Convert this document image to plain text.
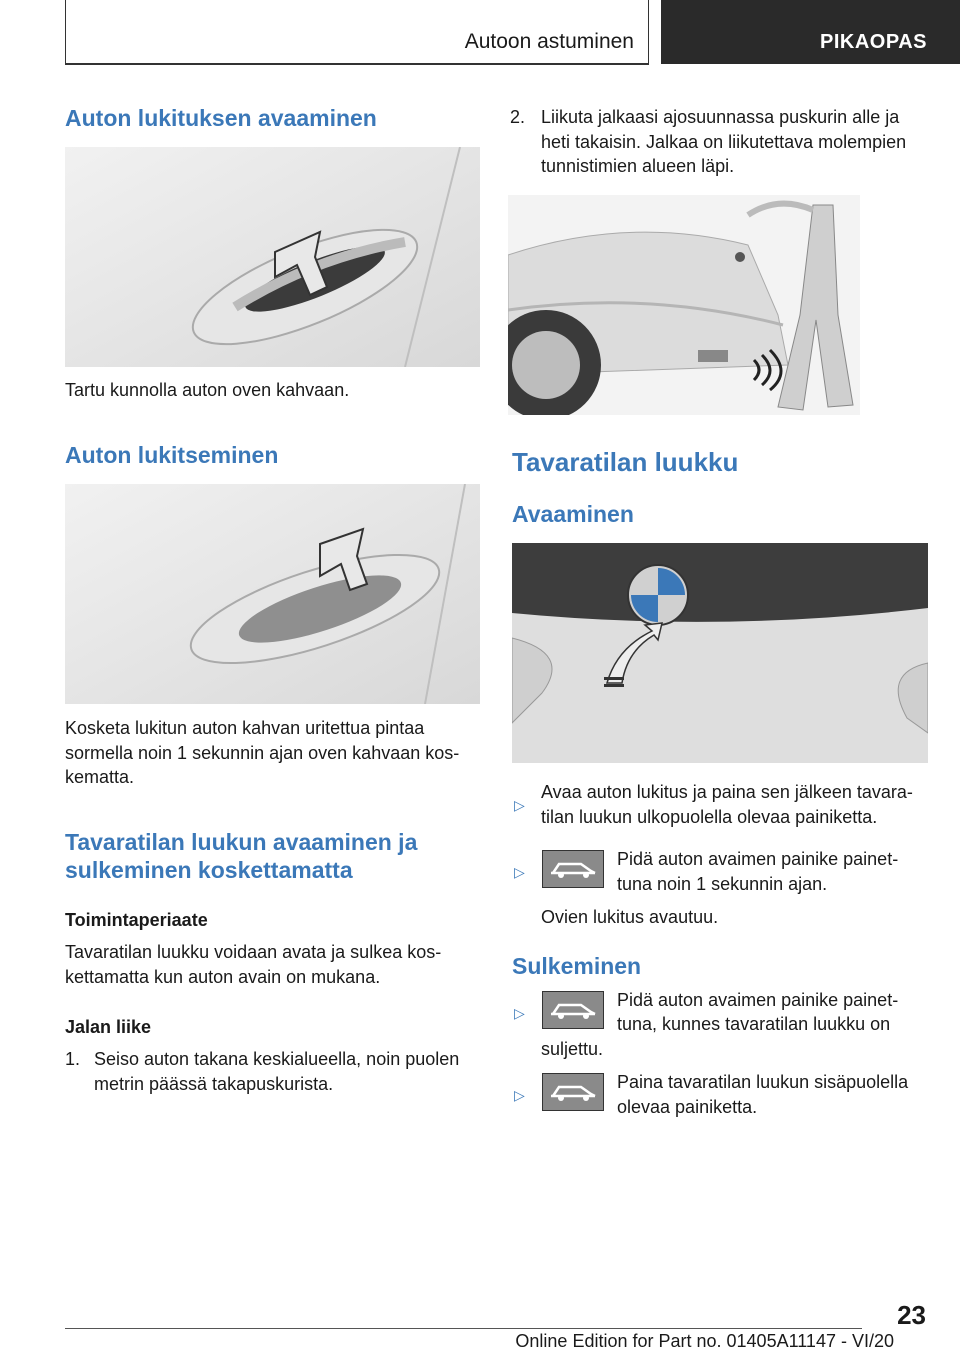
Autoon astuminen	PIKAOPAS
Auton lukituksen avaaminen

Tartu kunnolla auton oven kahvaan.

Auton lukitseminen

Kosketa lukitun auton kahvan uritettua pintaa

sormella noin 1 sekunnin ajan oven kahvaan kos-

kematta.

Tavaratilan luukun avaaminen ja
sulkeminen koskettamatta
Toimintaperiaate

Tavaratilan luukku voidaan avata ja sulkea kos-

kettamatta kun auton avain on mukana.

Jalan liike

1. Seiso auton takana keskialueella, noin puolen

metrin päässä takapuskurista.

2. Liikuta jalkaasi ajosuunnassa puskurin alle ja

heti takaisin. Jalkaa on liikutettava molempien

tunnistimien alueen läpi.

Tavaratilan luukku
Avaaminen

▷

Avaa auton lukitus ja paina sen jälkeen tavara-

tilan luukun ulkopuolella olevaa painiketta.

▷

Pidä auton avaimen painike painet-

tuna noin 1 sekunnin ajan.

Ovien lukitus avautuu.

Sulkeminen

▷

Pidä auton avaimen painike painet-

tuna, kunnes tavaratilan luukku on

suljettu.

▷

Paina tavaratilan luukun sisäpuolella

olevaa painiketta.

23
Online Edition for Part no. 01405A11147 - VI/20
